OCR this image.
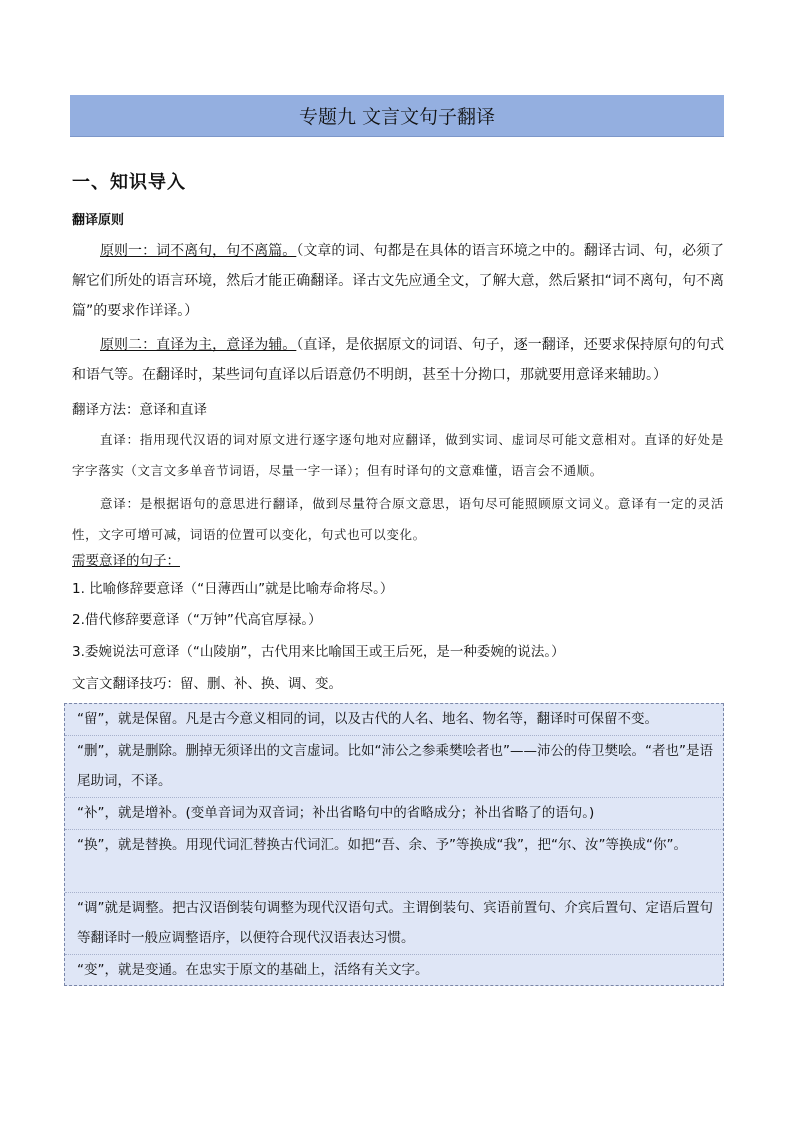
专题九 文言文句子翻译
一、知识导入
翻译原则
原则一：词不离句，句不离篇。（文章的词、句都是在具体的语言环境之中的。翻译古词、句，必须了解它们所处的语言环境，然后才能正确翻译。译古文先应通全文，了解大意，然后紧扣“词不离句，句不离篇”的要求作详译。）
原则二：直译为主，意译为辅。（直译，是依据原文的词语、句子，逐一翻译，还要求保持原句的句式和语气等。在翻译时，某些词句直译以后语意仍不明朗，甚至十分拗口，那就要用意译来辅助。）
翻译方法：意译和直译
直译：指用现代汉语的词对原文进行逐字逐句地对应翻译，做到实词、虚词尽可能文意相对。直译的好处是字字落实（文言文多单音节词语，尽量一字一译）；但有时译句的文意难懂，语言会不通顺。
意译：是根据语句的意思进行翻译，做到尽量符合原文意思，语句尽可能照顾原文词义。意译有一定的灵活性，文字可增可减，词语的位置可以变化，句式也可以变化。
需要意译的句子：
1. 比喻修辞要意译（“日薄西山”就是比喻寿命将尽。）
2.借代修辞要意译（“万钟”代高官厚禄。）
3.委婉说法可意译（“山陵崩”，古代用来比喻国王或王后死，是一种委婉的说法。）
文言文翻译技巧：留、删、补、换、调、变。
“留”，就是保留。凡是古今意义相同的词，以及古代的人名、地名、物名等，翻译时可保留不变。
“删”，就是删除。删掉无须译出的文言虚词。比如“沛公之参乘樊哙者也”——沛公的侍卫樊哙。“者也”是语尾助词，不译。
“补”，就是增补。(变单音词为双音词；补出省略句中的省略成分；补出省略了的语句。)
“换”，就是替换。用现代词汇替换古代词汇。如把“吾、余、予”等换成“我”，把“尔、汝”等换成“你”。
“调”就是调整。把古汉语倒装句调整为现代汉语句式。主谓倒装句、宾语前置句、介宾后置句、定语后置句等翻译时一般应调整语序，以便符合现代汉语表达习惯。
“变”，就是变通。在忠实于原文的基础上，活络有关文字。
